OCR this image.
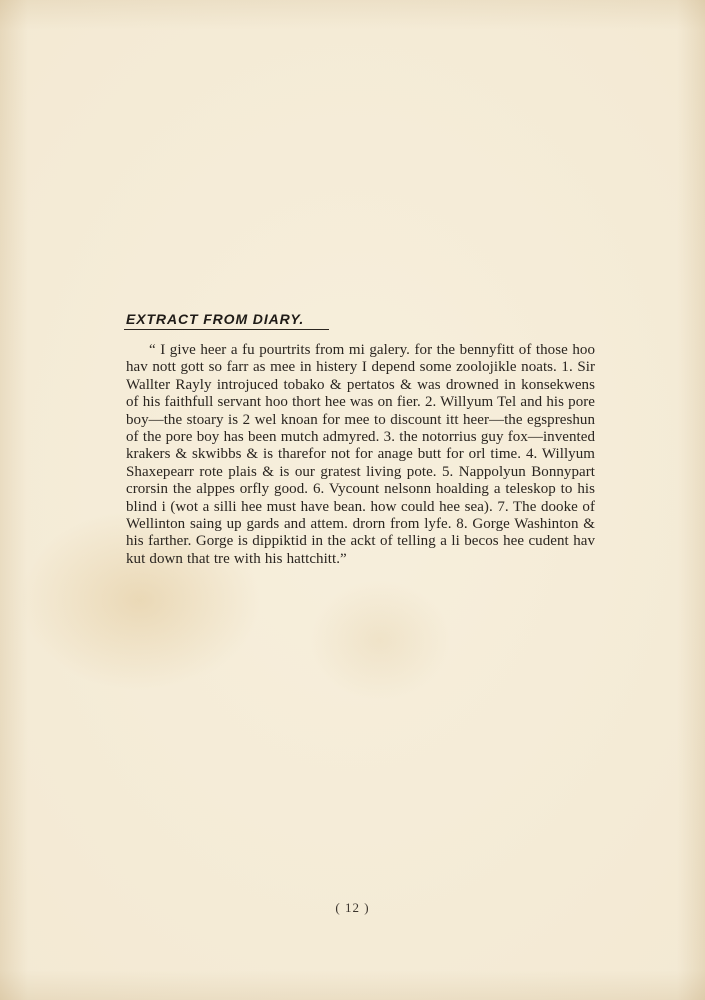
EXTRACT FROM DIARY.

“ I give heer a fu pourtrits from mi galery. for the bennyfitt of those hoo hav nott gott so farr as mee in histery I depend some zoolojikle noats. 1. Sir Wallter Rayly introjuced tobako & pertatos & was drowned in konsekwens of his faithfull servant hoo thort hee was on fier. 2. Willyum Tel and his pore boy—the stoary is 2 wel knoan for mee to discount itt heer—the egspreshun of the pore boy has been mutch admyred. 3. the notorrius guy fox—invented krakers & skwibbs & is tharefor not for anage butt for orl time. 4. Willyum Shaxepearr rote plais & is our gratest living pote. 5. Nappolyun Bonnypart crorsin the alppes orfly good. 6. Vycount nelsonn hoalding a teleskop to his blind i (wot a silli hee must have bean. how could hee sea). 7. The dooke of Wellinton saing up gards and attem. drorn from lyfe. 8. Gorge Washinton & his farther. Gorge is dippiktid in the ackt of telling a li becos hee cudent hav kut down that tre with his hattchitt.”

( 12 )
